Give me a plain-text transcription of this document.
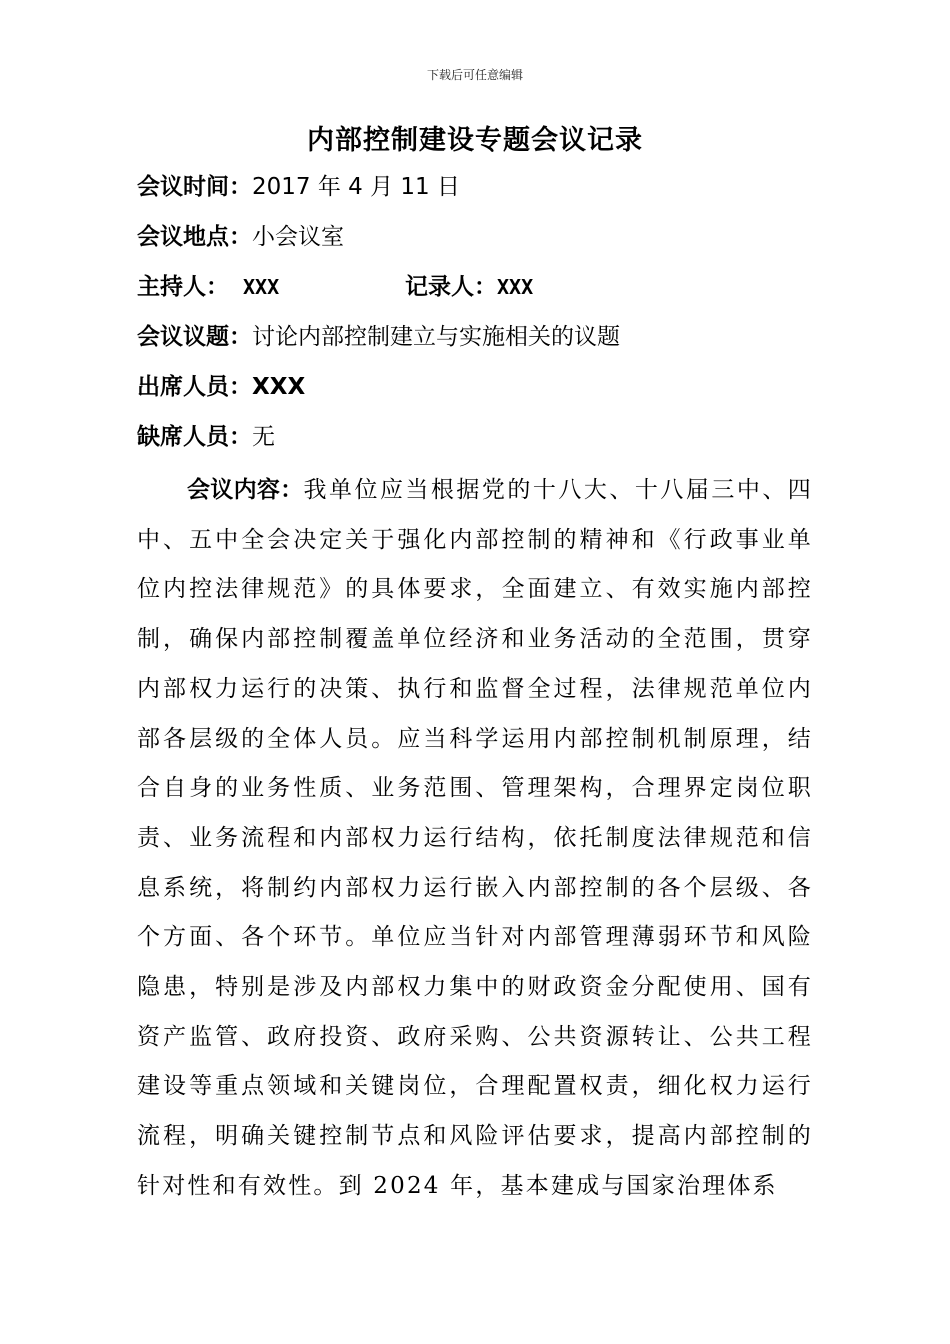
下载后可任意编辑
内部控制建设专题会议记录
会议时间：2017 年 4 月 11 日
会议地点：小会议室
主持人： XXX	记录人：XXX
会议议题：讨论内部控制建立与实施相关的议题
出席人员：XXX
缺席人员：无
会议内容：我单位应当根据党的十八大、十八届三中、四中、五中全会决定关于强化内部控制的精神和《行政事业单位内控法律规范》的具体要求，全面建立、有效实施内部控制，确保内部控制覆盖单位经济和业务活动的全范围，贯穿内部权力运行的决策、执行和监督全过程，法律规范单位内部各层级的全体人员。应当科学运用内部控制机制原理，结合自身的业务性质、业务范围、管理架构，合理界定岗位职责、业务流程和内部权力运行结构，依托制度法律规范和信息系统，将制约内部权力运行嵌入内部控制的各个层级、各个方面、各个环节。单位应当针对内部管理薄弱环节和风险隐患，特别是涉及内部权力集中的财政资金分配使用、国有资产监管、政府投资、政府采购、公共资源转让、公共工程建设等重点领域和关键岗位，合理配置权责，细化权力运行流程，明确关键控制节点和风险评估要求，提高内部控制的针对性和有效性。到 2024 年，基本建成与国家治理体系
